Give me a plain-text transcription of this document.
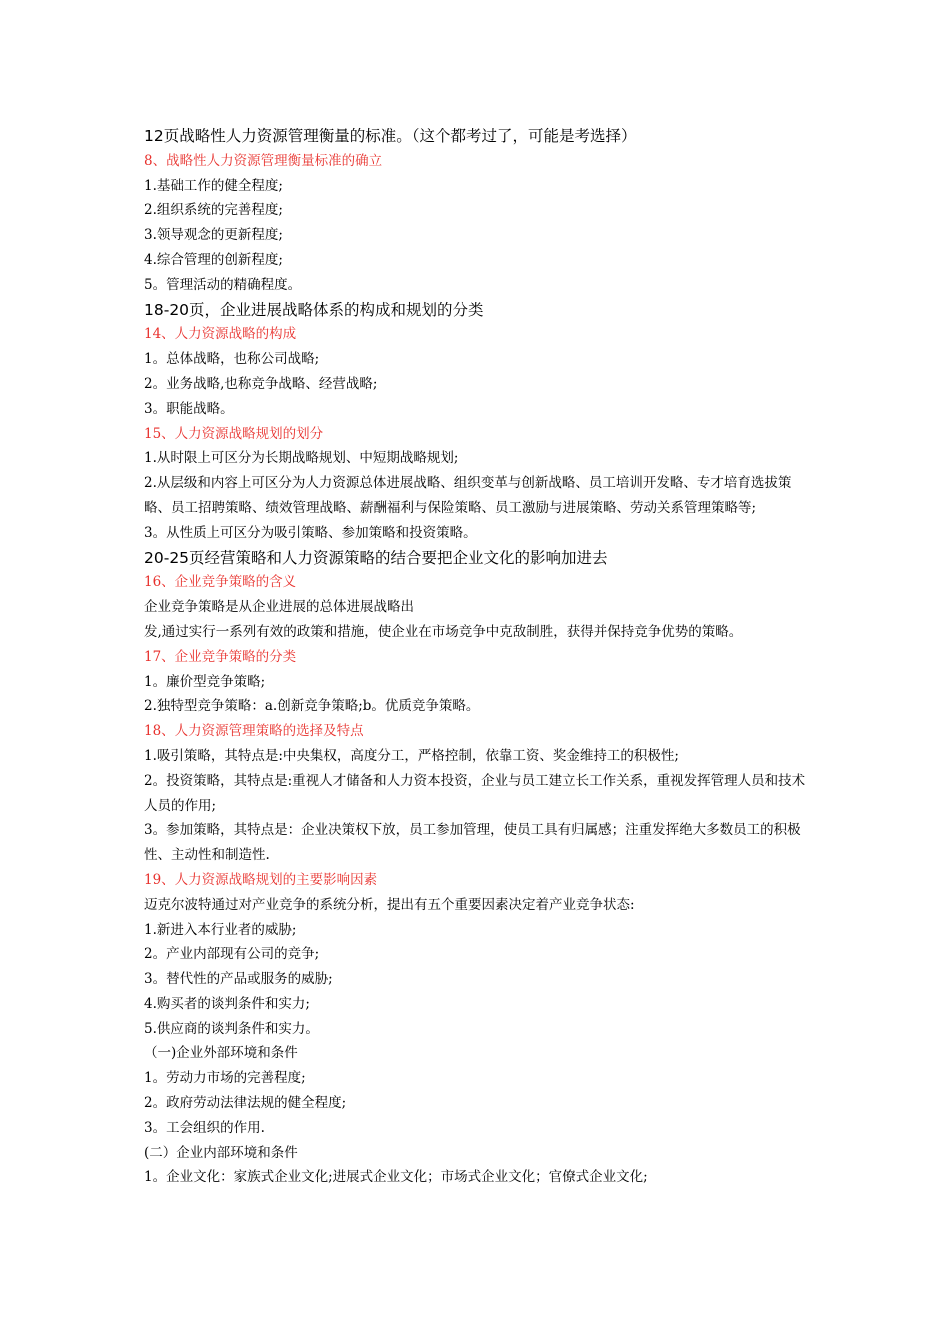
12页战略性人力资源管理衡量的标准。（这个都考过了，可能是考选择）
8、战略性人力资源管理衡量标准的确立
1.基础工作的健全程度;
2.组织系统的完善程度;
3.领导观念的更新程度;
4.综合管理的创新程度;
5。管理活动的精确程度。
18-20页，企业进展战略体系的构成和规划的分类
14、人力资源战略的构成
1。总体战略，也称公司战略;
2。业务战略,也称竞争战略、经营战略;
3。职能战略。
15、人力资源战略规划的划分
1.从时限上可区分为长期战略规划、中短期战略规划;
2.从层级和内容上可区分为人力资源总体进展战略、组织变革与创新战略、员工培训开发略、专才培育选拔策略、员工招聘策略、绩效管理战略、薪酬福利与保险策略、员工激励与进展策略、劳动关系管理策略等;
3。从性质上可区分为吸引策略、参加策略和投资策略。
20-25页经营策略和人力资源策略的结合要把企业文化的影响加进去
16、企业竞争策略的含义
企业竞争策略是从企业进展的总体进展战略出
发,通过实行一系列有效的政策和措施，使企业在市场竞争中克敌制胜，获得并保持竞争优势的策略。
17、企业竞争策略的分类
1。廉价型竞争策略;
2.独特型竞争策略：a.创新竞争策略;b。优质竞争策略。
18、人力资源管理策略的选择及特点
1.吸引策略，其特点是:中央集权，高度分工，严格控制，依靠工资、奖金维持工的积极性;
2。投资策略，其特点是:重视人才储备和人力资本投资，企业与员工建立长工作关系，重视发挥管理人员和技术人员的作用;
3。参加策略，其特点是：企业决策权下放，员工参加管理，使员工具有归属感；注重发挥绝大多数员工的积极性、主动性和制造性.
19、人力资源战略规划的主要影响因素
迈克尔波特通过对产业竞争的系统分析，提出有五个重要因素决定着产业竞争状态:
1.新进入本行业者的威胁;
2。产业内部现有公司的竞争;
3。替代性的产品或服务的威胁;
4.购买者的谈判条件和实力;
5.供应商的谈判条件和实力。
（一)企业外部环境和条件
1。劳动力市场的完善程度;
2。政府劳动法律法规的健全程度;
3。工会组织的作用.
(二）企业内部环境和条件
1。企业文化：家族式企业文化;进展式企业文化；市场式企业文化；官僚式企业文化;
